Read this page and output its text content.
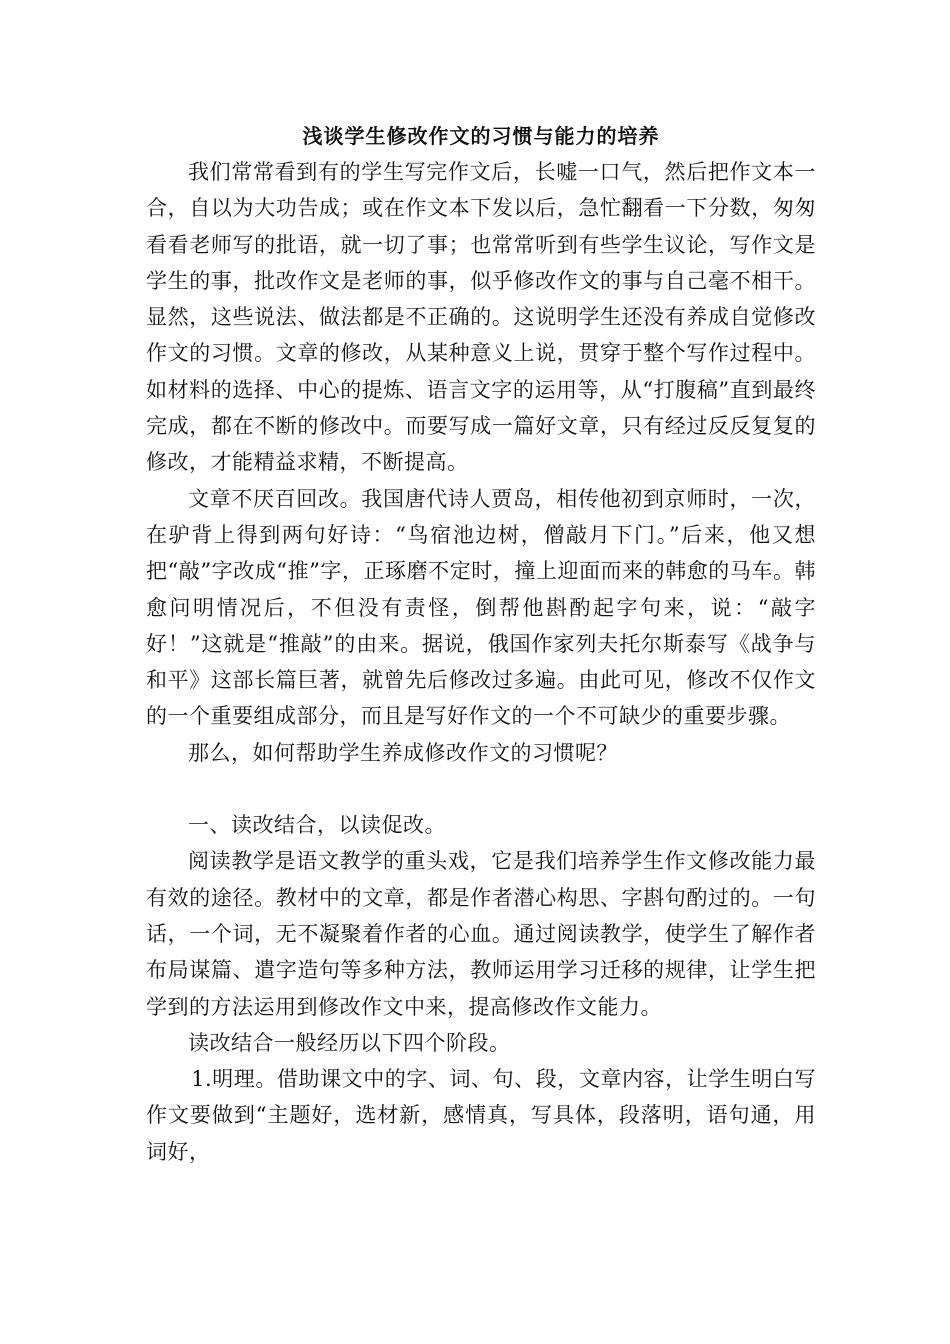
浅谈学生修改作文的习惯与能力的培养

我们常常看到有的学生写完作文后，长嘘一口气，然后把作文本一合，自以为大功告成；或在作文本下发以后，急忙翻看一下分数，匆匆看看老师写的批语，就一切了事；也常常听到有些学生议论，写作文是学生的事，批改作文是老师的事，似乎修改作文的事与自己毫不相干。显然，这些说法、做法都是不正确的。这说明学生还没有养成自觉修改作文的习惯。文章的修改，从某种意义上说，贯穿于整个写作过程中。如材料的选择、中心的提炼、语言文字的运用等，从“打腹稿”直到最终完成，都在不断的修改中。而要写成一篇好文章，只有经过反反复复的修改，才能精益求精，不断提高。

文章不厌百回改。我国唐代诗人贾岛，相传他初到京师时，一次，在驴背上得到两句好诗：“鸟宿池边树，僧敲月下门。”后来，他又想把“敲”字改成“推”字，正琢磨不定时，撞上迎面而来的韩愈的马车。韩愈问明情况后，不但没有责怪，倒帮他斟酌起字句来，说：“敲字好！”这就是“推敲”的由来。据说，俄国作家列夫托尔斯泰写《战争与和平》这部长篇巨著，就曾先后修改过多遍。由此可见，修改不仅作文的一个重要组成部分，而且是写好作文的一个不可缺少的重要步骤。

那么，如何帮助学生养成修改作文的习惯呢？

一、读改结合，以读促改。

阅读教学是语文教学的重头戏，它是我们培养学生作文修改能力最有效的途径。教材中的文章，都是作者潜心构思、字斟句酌过的。一句话，一个词，无不凝聚着作者的心血。通过阅读教学，使学生了解作者布局谋篇、遣字造句等多种方法，教师运用学习迁移的规律，让学生把学到的方法运用到修改作文中来，提高修改作文能力。

读改结合一般经历以下四个阶段。

1.明理。借助课文中的字、词、句、段，文章内容，让学生明白写作文要做到“主题好，选材新，感情真，写具体，段落明，语句通，用词好，
